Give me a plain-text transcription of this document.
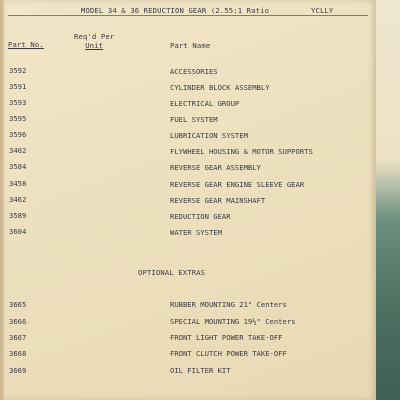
MODEL 34 & 36 REDUCTION GEAR (2.55:1 Ratio	YCLLY
Part No.
Req'd Per
Unit	Part Name
3592	ACCESSORIES
3591	CYLINDER BLOCK ASSEMBLY
3593	ELECTRICAL GROUP
3595	FUEL SYSTEM
3596	LUBRICATION SYSTEM
3402	FLYWHEEL HOUSING & MOTOR SUPPORTS
3584	REVERSE GEAR ASSEMBLY
3458	REVERSE GEAR ENGINE SLEEVE GEAR
3462	REVERSE GEAR MAINSHAFT
3589	REDUCTION GEAR
3604	WATER SYSTEM
OPTIONAL EXTRAS
3665	RUBBER MOUNTING 21" Centers
3666	SPECIAL MOUNTING 19½" Centers
3667	FRONT LIGHT POWER TAKE-OFF
3668	FRONT CLUTCH POWER TAKE-OFF
3669	OIL FILTER KIT
